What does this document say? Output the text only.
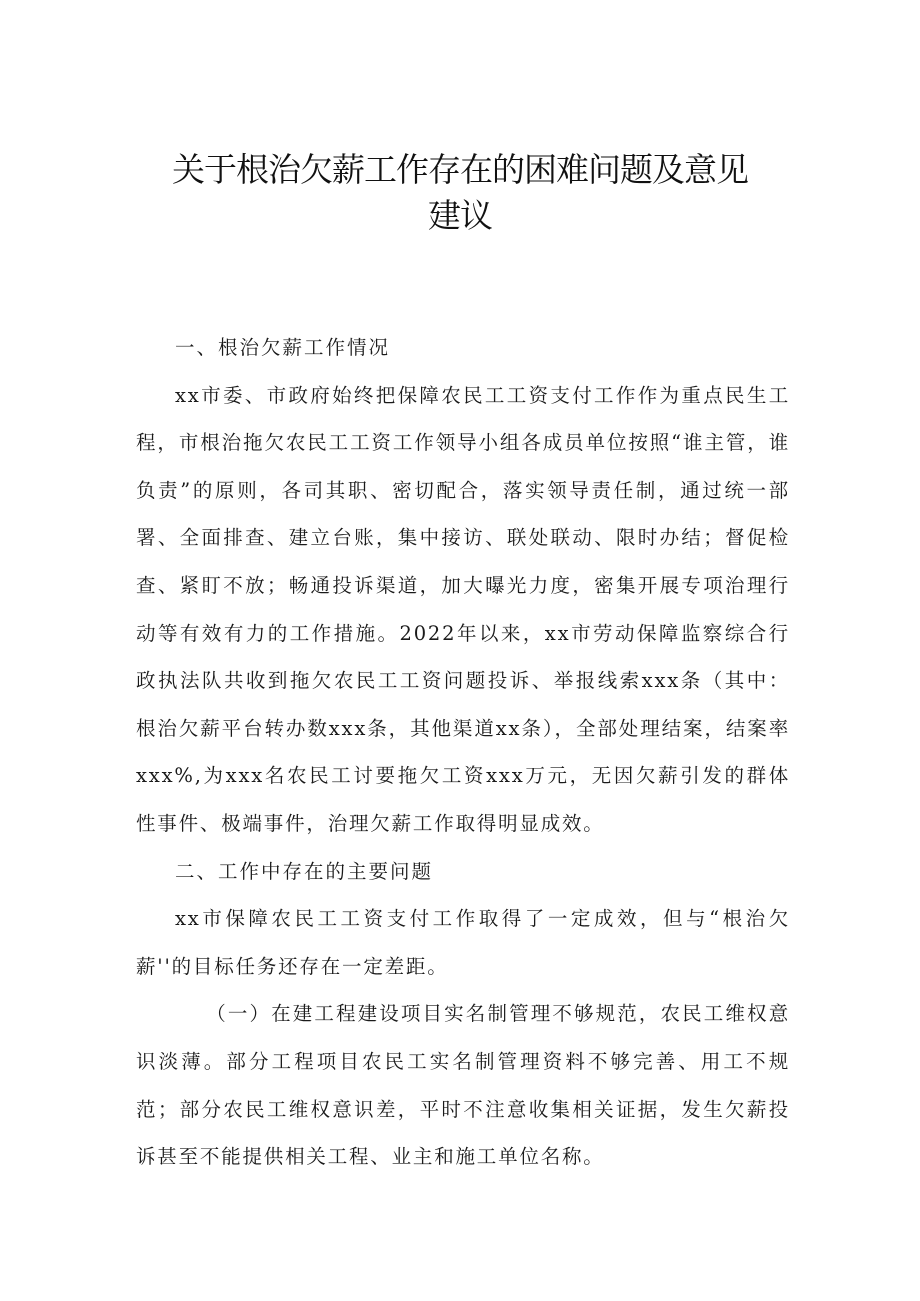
关于根治欠薪工作存在的困难问题及意见
建议

一、根治欠薪工作情况

xx市委、市政府始终把保障农民工工资支付工作作为重点民生工程，市根治拖欠农民工工资工作领导小组各成员单位按照“谁主管，谁负责”的原则，各司其职、密切配合，落实领导责任制，通过统一部署、全面排查、建立台账，集中接访、联处联动、限时办结；督促检查、紧盯不放；畅通投诉渠道，加大曝光力度，密集开展专项治理行动等有效有力的工作措施。2022年以来，xx市劳动保障监察综合行政执法队共收到拖欠农民工工资问题投诉、举报线索xxx条（其中：根治欠薪平台转办数xxx条，其他渠道xx条），全部处理结案，结案率xxx%,为xxx名农民工讨要拖欠工资xxx万元，无因欠薪引发的群体性事件、极端事件，治理欠薪工作取得明显成效。

二、工作中存在的主要问题

xx市保障农民工工资支付工作取得了一定成效，但与“根治欠薪''的目标任务还存在一定差距。

（一）在建工程建设项目实名制管理不够规范，农民工维权意识淡薄。部分工程项目农民工实名制管理资料不够完善、用工不规范；部分农民工维权意识差，平时不注意收集相关证据，发生欠薪投诉甚至不能提供相关工程、业主和施工单位名称。
